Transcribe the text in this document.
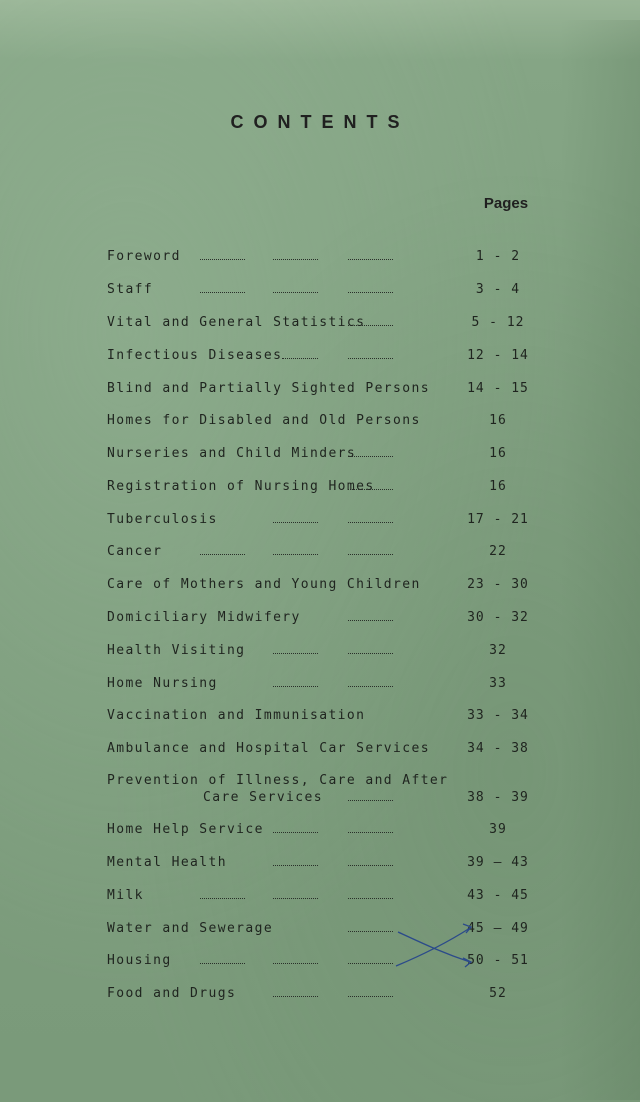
CONTENTS
Pages
Foreword	1 - 2
Staff	3 - 4
Vital and General Statistics	5 - 12
Infectious Diseases	12 - 14
Blind and Partially Sighted Persons	14 - 15
Homes for Disabled and Old Persons	16
Nurseries and Child Minders	16
Registration of Nursing Homes	16
Tuberculosis	17 - 21
Cancer	22
Care of Mothers and Young Children	23 - 30
Domiciliary Midwifery	30 - 32
Health Visiting	32
Home Nursing	33
Vaccination and Immunisation	33 - 34
Ambulance and Hospital Car Services	34 - 38
Prevention of Illness, Care and After
Care Services	38 - 39
Home Help Service	39
Mental Health	39 – 43
Milk	43 - 45
Water and Sewerage	45 – 49
Housing	50 - 51
Food and Drugs	52
